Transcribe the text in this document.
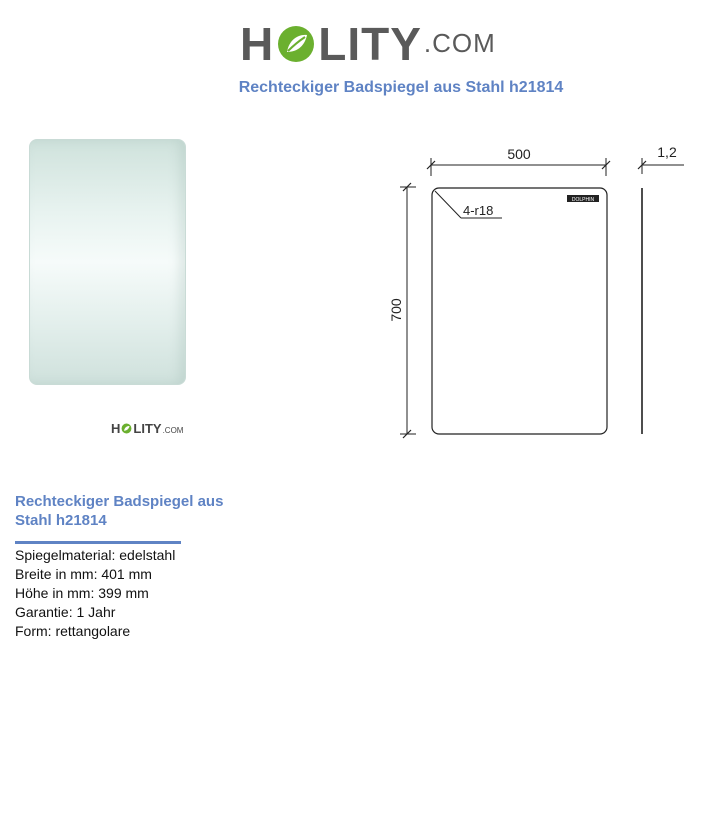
H LITY .COM
Rechteckiger Badspiegel aus Stahl h21814
H LITY .COM
500	1,2
700
4-r18
DOLPHIN
Rechteckiger Badspiegel aus Stahl h21814
Spiegelmaterial: edelstahl
Breite in mm: 401 mm
Höhe in mm: 399 mm
Garantie: 1 Jahr
Form: rettangolare
